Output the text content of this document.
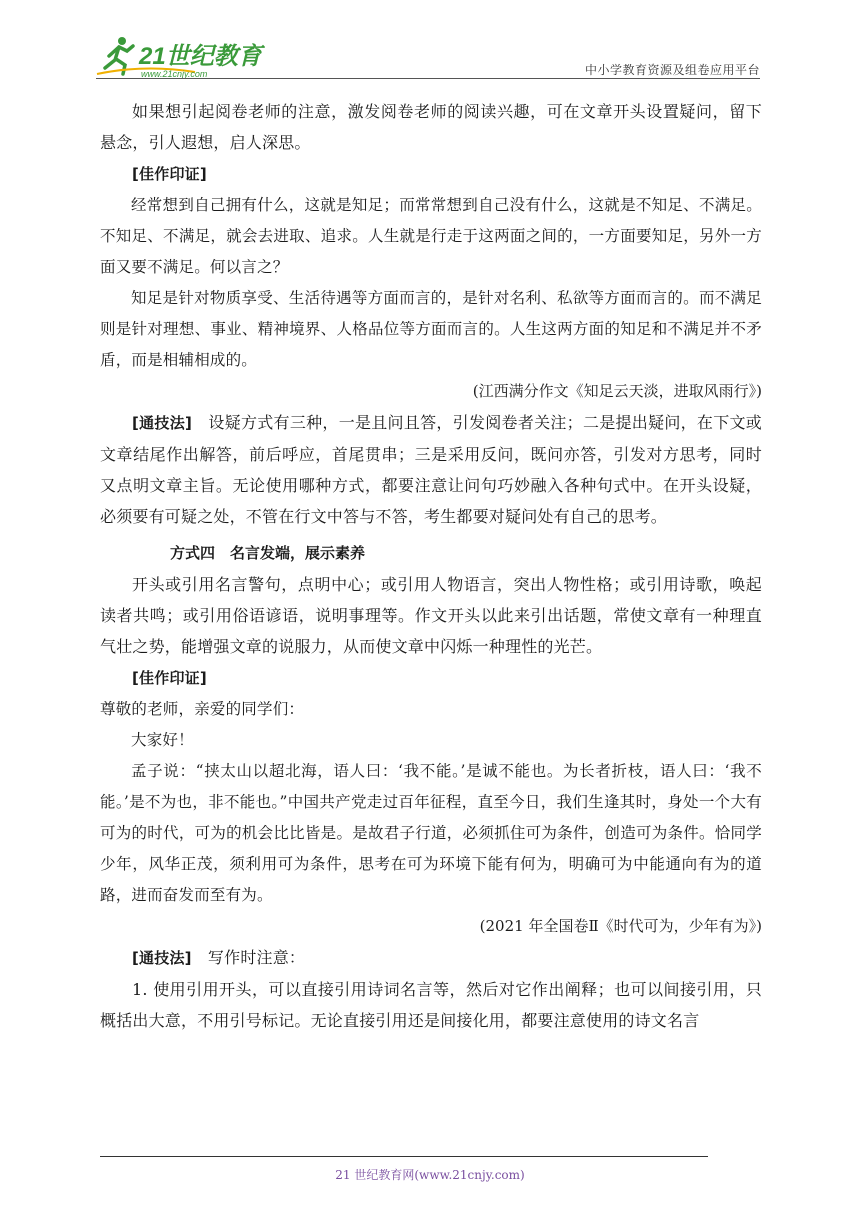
21世纪教育
www.21cnjy.com	中小学教育资源及组卷应用平台

如果想引起阅卷老师的注意，激发阅卷老师的阅读兴趣，可在文章开头设置疑问，留下悬念，引人遐想，启人深思。

[佳作印证]

经常想到自己拥有什么，这就是知足；而常常想到自己没有什么，这就是不知足、不满足。不知足、不满足，就会去进取、追求。人生就是行走于这两面之间的，一方面要知足，另外一方面又要不满足。何以言之？

知足是针对物质享受、生活待遇等方面而言的，是针对名利、私欲等方面而言的。而不满足则是针对理想、事业、精神境界、人格品位等方面而言的。人生这两方面的知足和不满足并不矛盾，而是相辅相成的。

(江西满分作文《知足云天淡，进取风雨行》)

[通技法]　 设疑方式有三种，一是且问且答，引发阅卷者关注；二是提出疑问，在下文或文章结尾作出解答，前后呼应，首尾贯串；三是采用反问，既问亦答，引发对方思考，同时又点明文章主旨。无论使用哪种方式，都要注意让问句巧妙融入各种句式中。在开头设疑，必须要有可疑之处，不管在行文中答与不答，考生都要对疑问处有自己的思考。

方式四　名言发端，展示素养

开头或引用名言警句，点明中心；或引用人物语言，突出人物性格；或引用诗歌，唤起读者共鸣；或引用俗语谚语，说明事理等。作文开头以此来引出话题，常使文章有一种理直气壮之势，能增强文章的说服力，从而使文章中闪烁一种理性的光芒。

[佳作印证]

尊敬的老师，亲爱的同学们：

大家好！

孟子说：“挟太山以超北海，语人曰：‘我不能。’是诚不能也。为长者折枝，语人曰：‘我不能。’是不为也，非不能也。”中国共产党走过百年征程，直至今日，我们生逢其时，身处一个大有可为的时代，可为的机会比比皆是。是故君子行道，必须抓住可为条件，创造可为条件。恰同学少年，风华正茂，须利用可为条件，思考在可为环境下能有何为，明确可为中能通向有为的道路，进而奋发而至有为。

(2021 年全国卷Ⅱ《时代可为，少年有为》)

[通技法]　 写作时注意：

1. 使用引用开头，可以直接引用诗词名言等，然后对它作出阐释；也可以间接引用，只概括出大意，不用引号标记。无论直接引用还是间接化用，都要注意使用的诗文名言

21 世纪教育网(www.21cnjy.com)
